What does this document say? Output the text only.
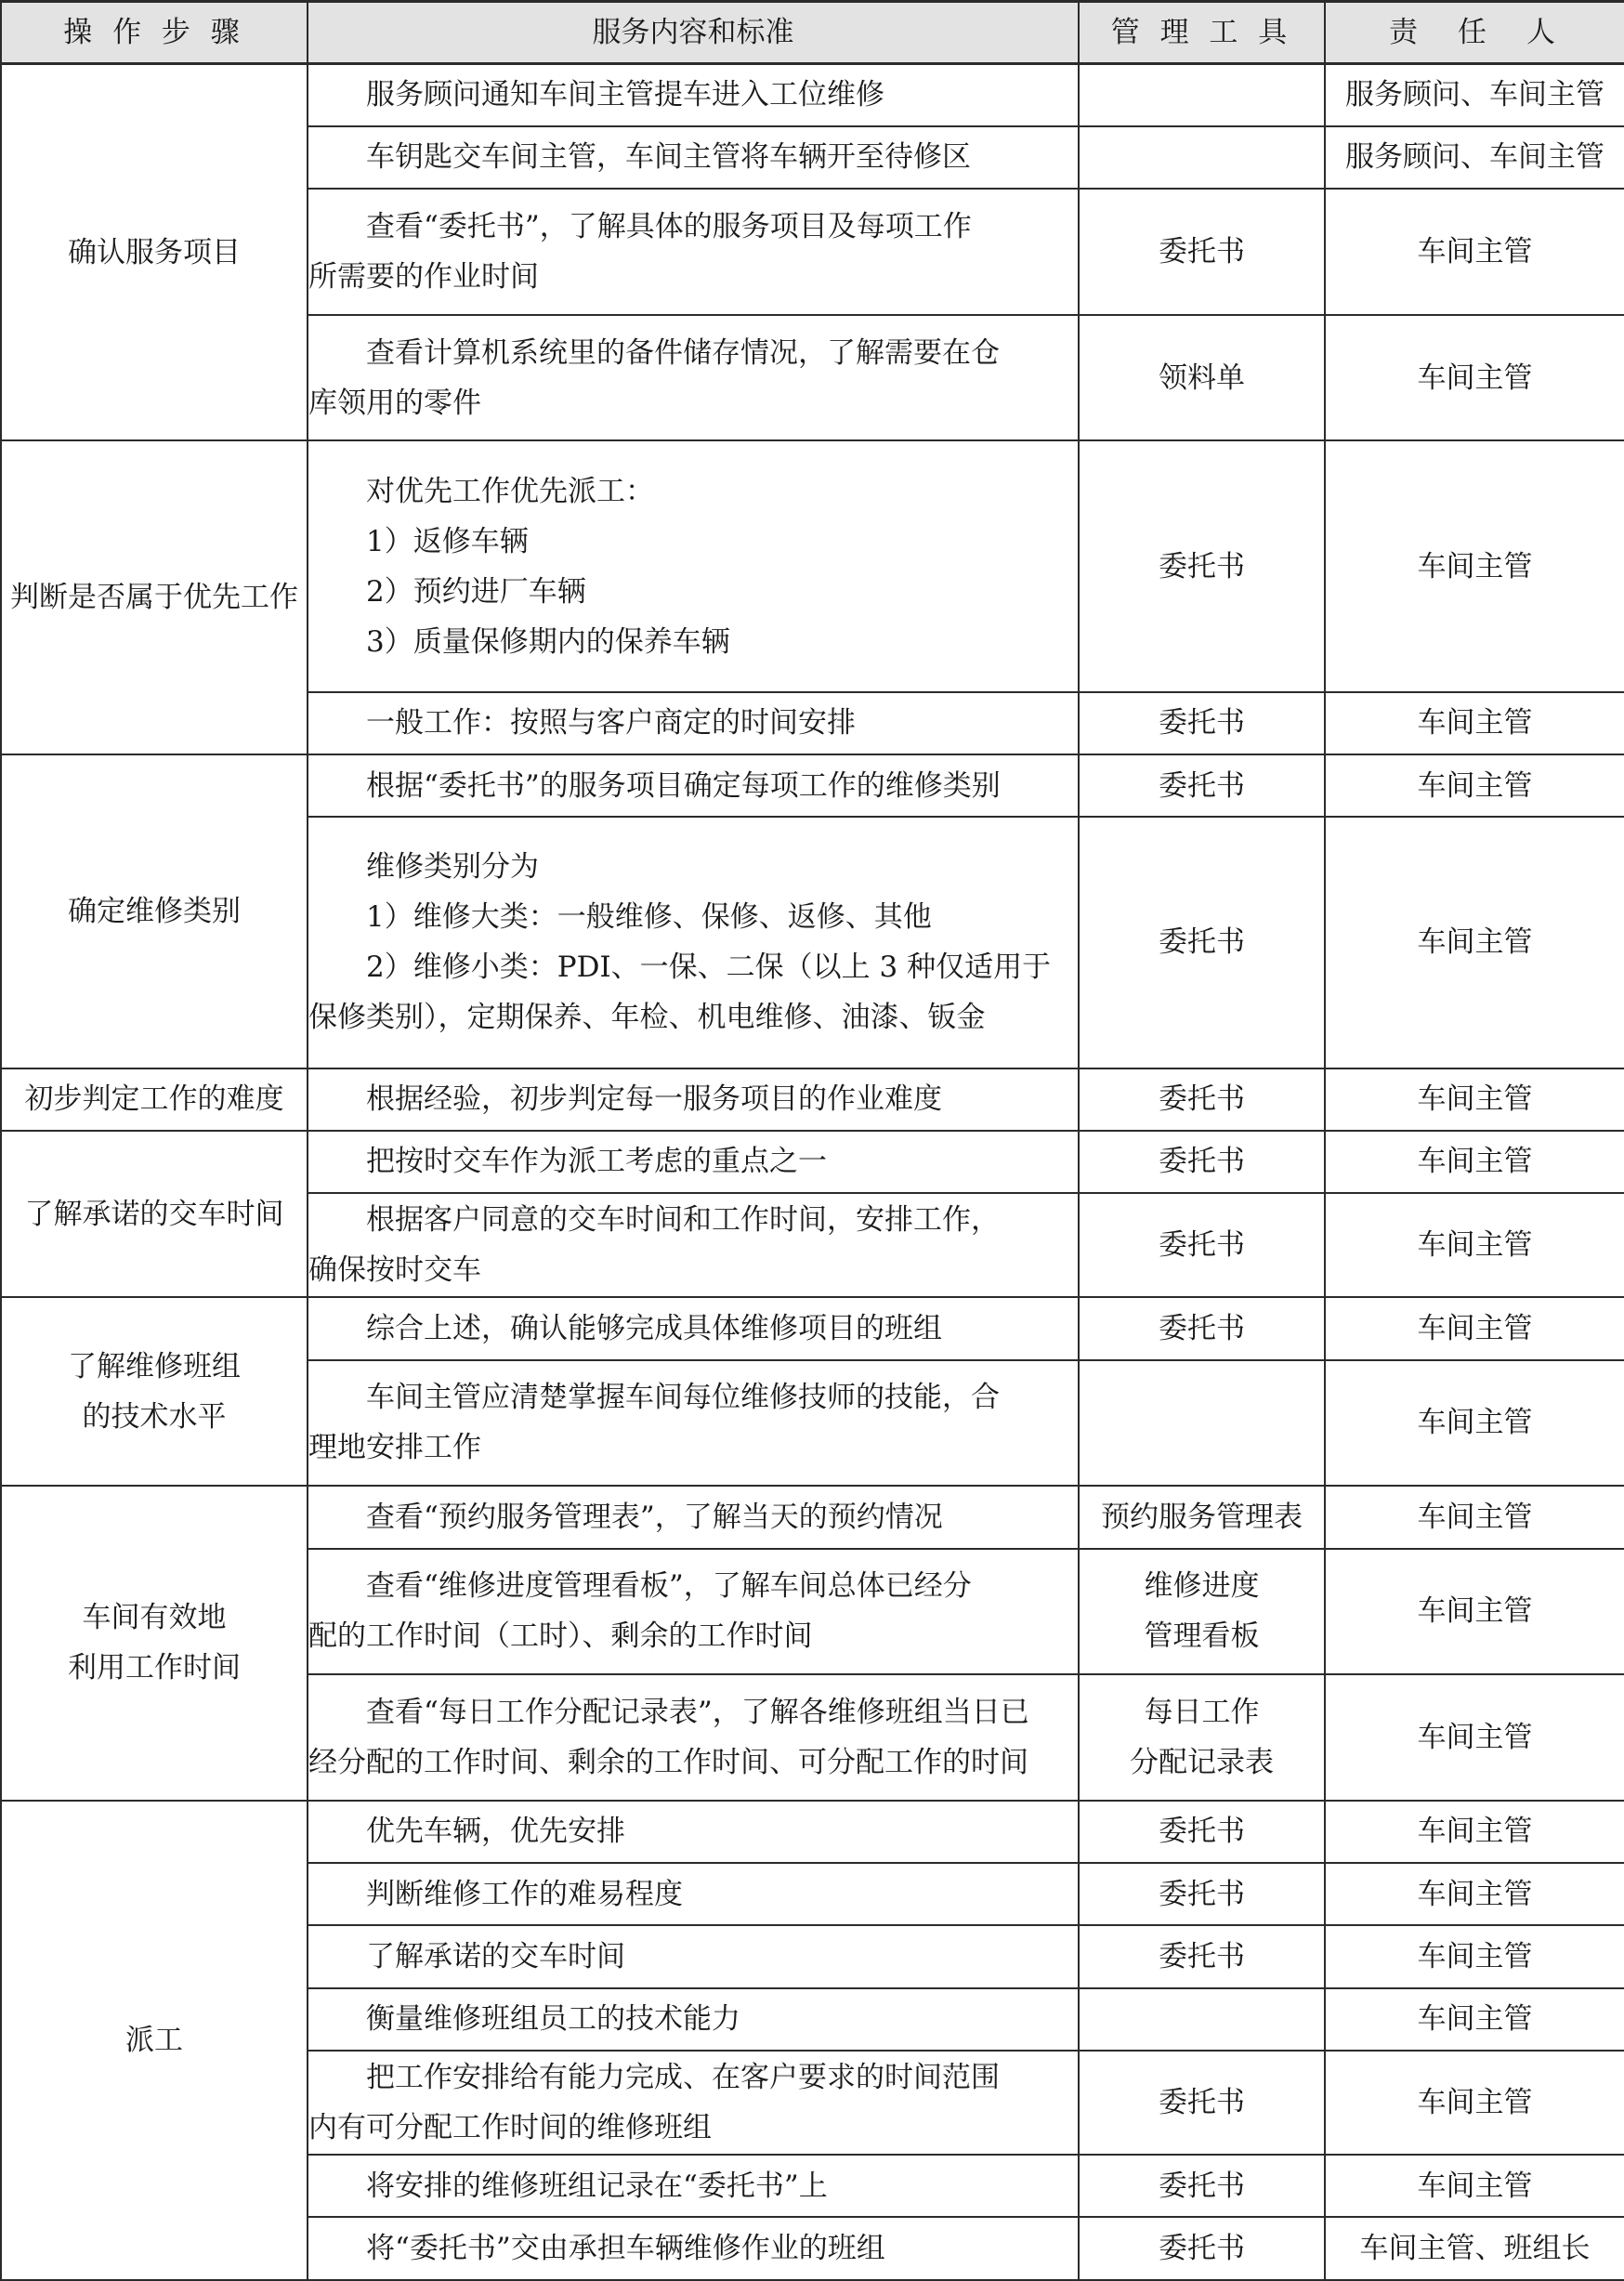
操 作 步 骤	服务内容和标准	管 理 工 具	责　任　人

确认服务项目	服务顾问通知车间主管提车进入工位维修		服务顾问、车间主管

	车钥匙交车间主管，车间主管将车辆开至待修区		服务顾问、车间主管

	查看“委托书”，了解具体的服务项目及每项工作
所需要的作业时间	委托书	车间主管

	查看计算机系统里的备件储存情况，了解需要在仓
库领用的零件	领料单	车间主管

判断是否属于优先工作	对优先工作优先派工：
1）返修车辆
2）预约进厂车辆
3）质量保修期内的保养车辆	委托书	车间主管

	一般工作：按照与客户商定的时间安排	委托书	车间主管

确定维修类别	根据“委托书”的服务项目确定每项工作的维修类别	委托书	车间主管

	维修类别分为
1）维修大类：一般维修、保修、返修、其他
2）维修小类：PDI、一保、二保（以上 3 种仅适用于
保修类别），定期保养、年检、机电维修、油漆、钣金	委托书	车间主管

初步判定工作的难度	根据经验，初步判定每一服务项目的作业难度	委托书	车间主管

了解承诺的交车时间	把按时交车作为派工考虑的重点之一	委托书	车间主管

	根据客户同意的交车时间和工作时间，安排工作，
确保按时交车	委托书	车间主管

了解维修班组
的技术水平	综合上述，确认能够完成具体维修项目的班组	委托书	车间主管

	车间主管应清楚掌握车间每位维修技师的技能，合
理地安排工作		车间主管

车间有效地
利用工作时间	查看“预约服务管理表”，了解当天的预约情况	预约服务管理表	车间主管

	查看“维修进度管理看板”，了解车间总体已经分
配的工作时间（工时）、剩余的工作时间	维修进度
管理看板	车间主管

	查看“每日工作分配记录表”，了解各维修班组当日已
经分配的工作时间、剩余的工作时间、可分配工作的时间	每日工作
分配记录表	车间主管

派工	优先车辆，优先安排	委托书	车间主管

	判断维修工作的难易程度	委托书	车间主管

	了解承诺的交车时间	委托书	车间主管

	衡量维修班组员工的技术能力		车间主管

	把工作安排给有能力完成、在客户要求的时间范围
内有可分配工作时间的维修班组	委托书	车间主管

	将安排的维修班组记录在“委托书”上	委托书	车间主管

	将“委托书”交由承担车辆维修作业的班组	委托书	车间主管、班组长
